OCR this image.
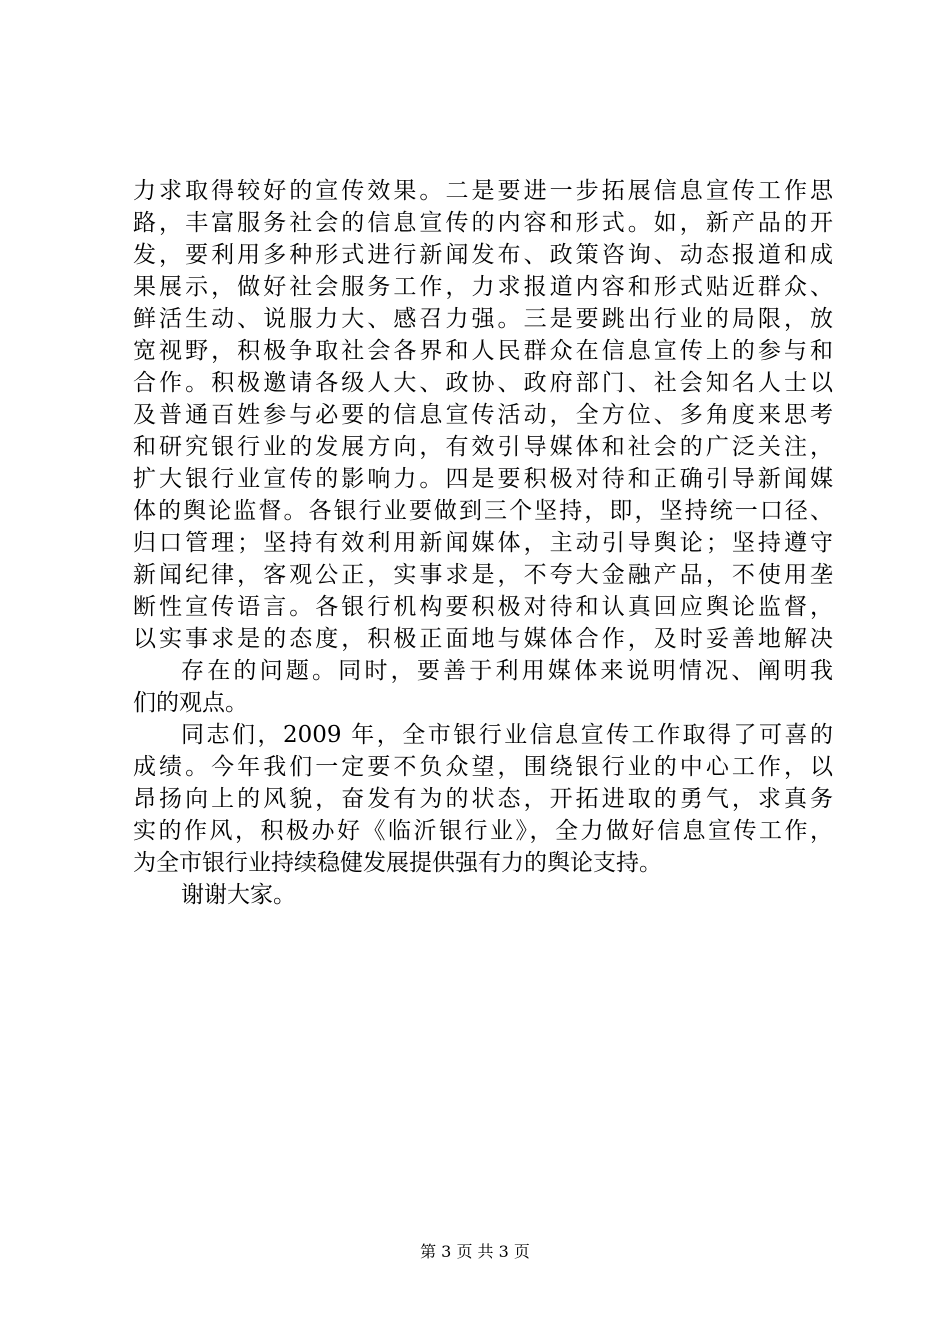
力求取得较好的宣传效果。二是要进一步拓展信息宣传工作思
路，丰富服务社会的信息宣传的内容和形式。如，新产品的开
发，要利用多种形式进行新闻发布、政策咨询、动态报道和成
果展示，做好社会服务工作，力求报道内容和形式贴近群众、
鲜活生动、说服力大、感召力强。三是要跳出行业的局限，放
宽视野，积极争取社会各界和人民群众在信息宣传上的参与和
合作。积极邀请各级人大、政协、政府部门、社会知名人士以
及普通百姓参与必要的信息宣传活动，全方位、多角度来思考
和研究银行业的发展方向，有效引导媒体和社会的广泛关注，
扩大银行业宣传的影响力。四是要积极对待和正确引导新闻媒
体的舆论监督。各银行业要做到三个坚持，即，坚持统一口径、
归口管理；坚持有效利用新闻媒体，主动引导舆论；坚持遵守
新闻纪律，客观公正，实事求是，不夸大金融产品，不使用垄
断性宣传语言。各银行机构要积极对待和认真回应舆论监督，
以实事求是的态度，积极正面地与媒体合作，及时妥善地解决
存在的问题。同时，要善于利用媒体来说明情况、阐明我
们的观点。
同志们，2009 年，全市银行业信息宣传工作取得了可喜的
成绩。今年我们一定要不负众望，围绕银行业的中心工作，以
昂扬向上的风貌，奋发有为的状态，开拓进取的勇气，求真务
实的作风，积极办好《临沂银行业》，全力做好信息宣传工作，
为全市银行业持续稳健发展提供强有力的舆论支持。
谢谢大家。
第 3 页 共 3 页
